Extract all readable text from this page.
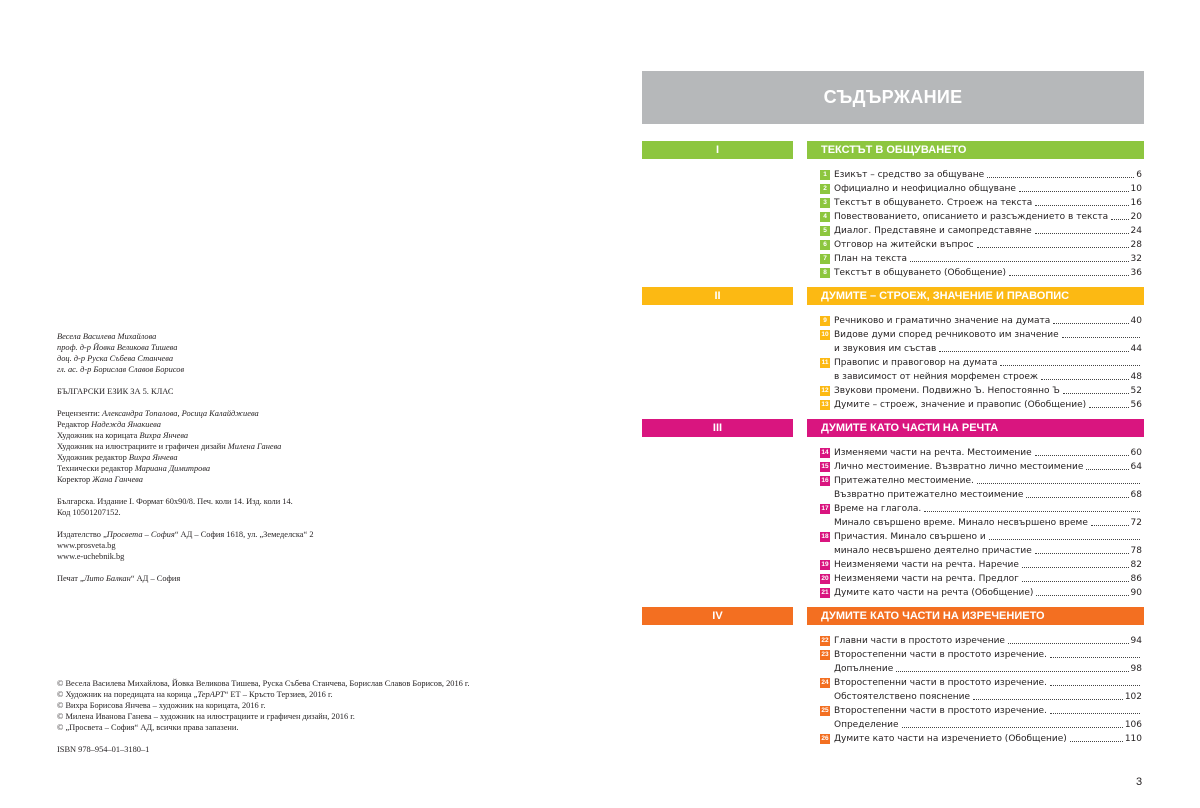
Весела Василева Михайлова
проф. д-р Йовка Великова Тишева
доц. д-р Руска Събева Станчева
гл. ас. д-р Борислав Славов Борисов
БЪЛГАРСКИ ЕЗИК ЗА 5. КЛАС
Рецензенти: Александра Топалова, Росица Калайджиева
Редактор Надежда Янакиева
Художник на корицата Вихра Янчева
Художник на илюстрациите и графичен дизайн Милена Ганева
Художник редактор Вихра Янчева
Технически редактор Мариана Димитрова
Коректор Жана Ганчева
Българска. Издание I. Формат 60х90/8. Печ. коли 14. Изд. коли 14.
Код 10501207152.
Издателство „Просвета – София“ АД – София 1618, ул. „Земеделска“ 2
www.prosveta.bg
www.e-uchebnik.bg
Печат „Лито Балкан“ АД – София
© Весела Василева Михайлова, Йовка Великова Тишева, Руска Събева Станчева, Борислав Славов Борисов, 2016 г.
© Художник на поредицата на корица „ТерАРТ“ ЕТ – Кръсто Терзиев, 2016 г.
© Вихра Борисова Янчева – художник на корицата, 2016 г.
© Милена Иванова Ганева – художник на илюстрациите и графичен дизайн, 2016 г.
© „Просвета – София“ АД, всички права запазени.
ISBN 978–954–01–3180–1
СЪДЪРЖАНИЕ
I	ТЕКСТЪТ В ОБЩУВАНЕТО
1 Езикът – средство за общуване	6
2 Официално и неофициално общуване	10
3 Текстът в общуването. Строеж на текста	16
4 Повествованието, описанието и разсъждението в текста 20
5 Диалог. Представяне и самопредставяне	24
6 Отговор на житейски въпрос	28
7 План на текста	32
8 Текстът в общуването (Обобщение)	36
II	ДУМИТЕ – СТРОЕЖ, ЗНАЧЕНИЕ И ПРАВОПИС
9 Речниково и граматично значение на думата	40
10 Видове думи според речниковото им значение
и звуковия им състав	44
11 Правопис и правоговор на думата
в зависимост от нейния морфемен строеж	48
12 Звукови промени. Подвижно Ъ. Непостоянно Ъ	52
13 Думите – строеж, значение и правопис (Обобщение)	56
III	ДУМИТЕ КАТО ЧАСТИ НА РЕЧТА
14 Изменяеми части на речта. Местоимение	60
15 Лично местоимение. Възвратно лично местоимение	64
16 Притежателно местоимение.
Възвратно притежателно местоимение	68
17 Време на глагола.
Минало свършено време. Минало несвършено време	72
18 Причастия. Минало свършено и
минало несвършено деятелно причастие	78
19 Неизменяеми части на речта. Наречие	82
20 Неизменяеми части на речта. Предлог	86
21 Думите като части на речта (Обобщение)	90
IV	ДУМИТЕ КАТО ЧАСТИ НА ИЗРЕЧЕНИЕТО
22 Главни части в простото изречение	94
23 Второстепенни части в простото изречение.
Допълнение	98
24 Второстепенни части в простото изречение.
Обстоятелствено пояснение	102
25 Второстепенни части в простото изречение.
Определение	106
26 Думите като части на изречението (Обобщение)	110
3
